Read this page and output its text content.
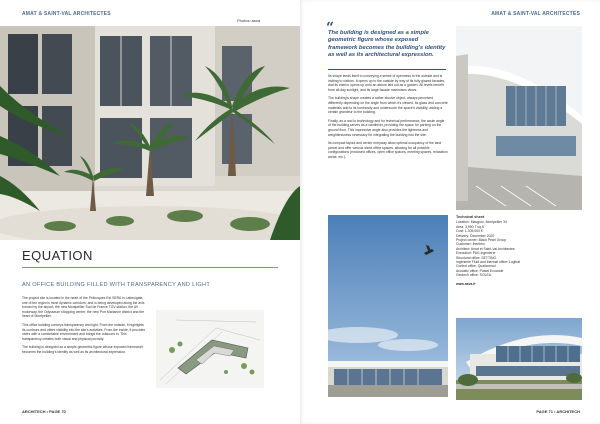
AMAT & SAINT-VAL ARCHITECTES
Photos: asva
EQUATION
AN OFFICE BUILDING FILLED WITH TRANSPARENCY AND LIGHT

The project site is located in the heart of the Pélicoques Est SERA in Lattes/gate, one of the region's most dynamic corridors, and is being developed along the axis formed by the airport, the new Montpellier Sud de France TGV station, the A9 motorway, the Odysseum shopping center, the new Port Marianne district and the heart of Montpellier.

This office building conveys transparency and light. From the outside, it highlights its contours and offers visibility into the site's activities. From the inside, it provides users with a comfortable environment and brings the outdoors in. This transparency creates both visual and physical porosity.

The building is designed as a simple geometric figure whose exposed framework becomes the building's identity as well as its architectural expression.

ARCHITECH • PAGE 70
AMAT & SAINT-VAL ARCHITECTES
“
The building is designed as a simple geometric figure whose exposed framework becomes the building's identity as well as its architectural expression.

Its shape lends itself to conveying a sense of openness to the outside and is inviting to visitors. It opens up to the outside by way of its fully glazed facades, and its interior opens up onto an atrium laid out as a garden. All levels benefit from all-day sunlight, and its large facade maximises views.

The building's shape creates a rather elusive object, always perceived differently depending on the angle from which it's viewed. Its glass and concrete materials add to its luminosity and underscore the space's visibility, adding a certain grandeur to the building.

Finally, as a nod to technology and for technical performance, the acute angle of the building serves as a cantilever, providing the space for parking on the ground floor. This impressive angle also provides the lightness and weightlessness necessary for integrating the building into the site.

Its compact layout and center entryway allow optimal occupancy of the land parcel and offer various sized office spaces, allowing for all possible configurations (enclosed offices, open office spaces, meeting spaces, relaxation areas, etc.).

Technical sheet
Location: Mauguio, Montpellier 34
Area: 3,990.7 sq.ft
Cost: 1,305,000 €
Delivery: December 2020
Project owner: Black Pearl Group
Customer: Inertimo
Architect: Amat et Saint-Val Architectes
Execution: PAG ingénierie
Structural office: SETTING
Ingénierie Fluid and thermal office: Logibat
Control office: Qualiconsul
Acoustic office: Pastel Ecoande
Geotech office: SOLEA
www.asva.fr
PAGE 71 • ARCHITECH
